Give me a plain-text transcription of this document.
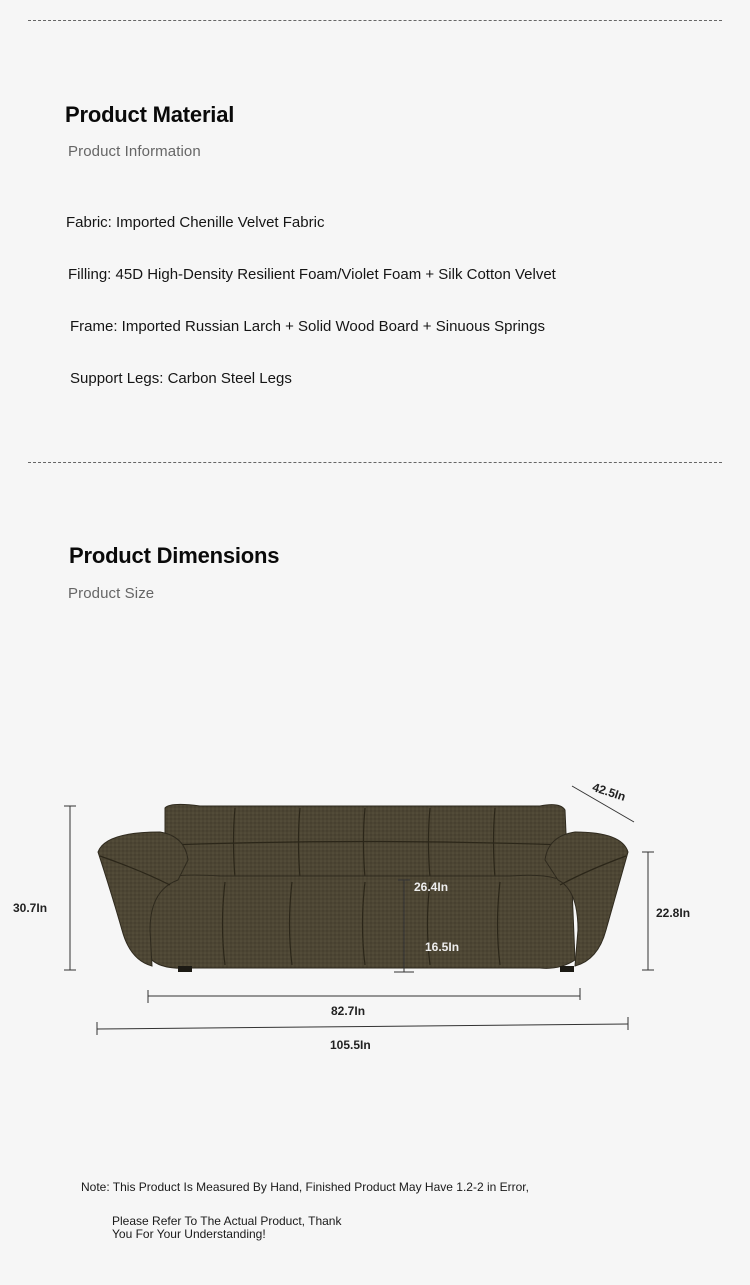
Product Material
Product Information
Fabric: Imported Chenille Velvet Fabric
Filling: 45D High-Density Resilient Foam/Violet Foam + Silk Cotton Velvet
Frame: Imported Russian Larch + Solid Wood Board + Sinuous Springs
Support Legs: Carbon Steel Legs
Product Dimensions
Product Size
30.7In
42.5In
22.8In
26.4In
16.5In
82.7In
105.5In
Note: This Product Is Measured By Hand, Finished Product May Have 1.2-2 in Error,
Please Refer To The Actual Product, Thank
You For Your Understanding!
